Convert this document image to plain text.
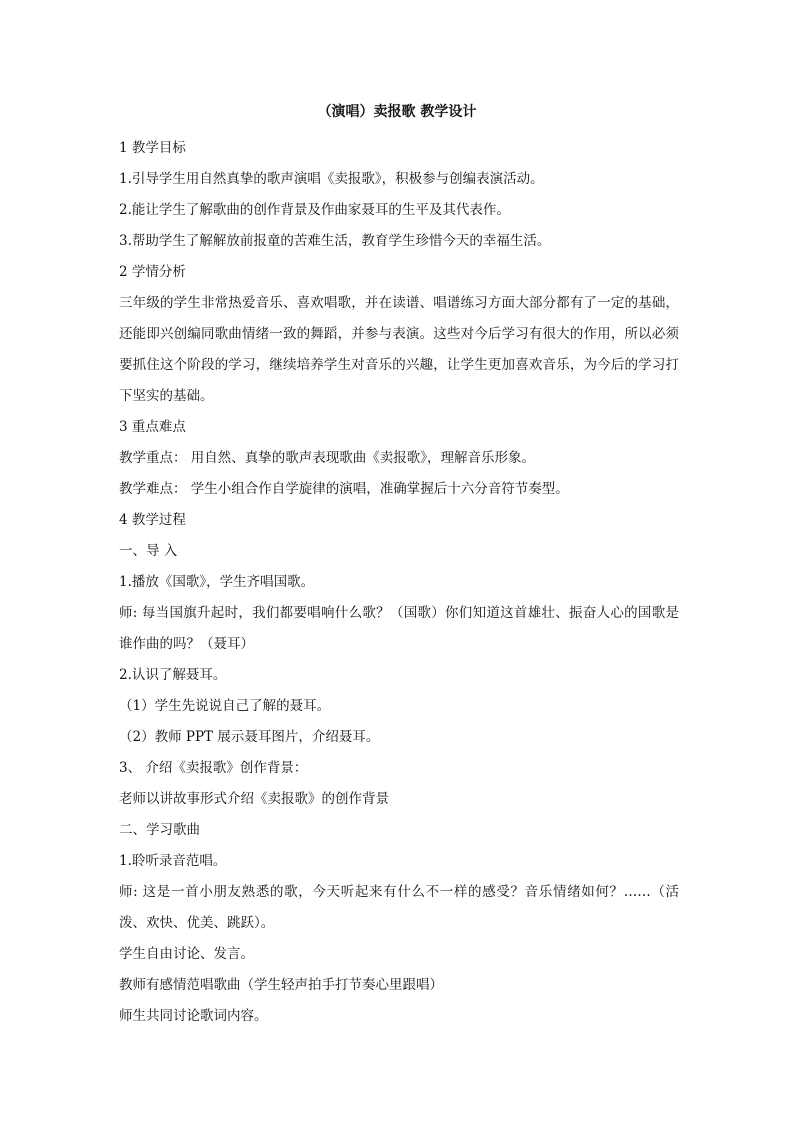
（演唱）卖报歌 教学设计

1 教学目标

1.引导学生用自然真挚的歌声演唱《卖报歌》，积极参与创编表演活动。

2.能让学生了解歌曲的创作背景及作曲家聂耳的生平及其代表作。

3.帮助学生了解解放前报童的苦难生活，教育学生珍惜今天的幸福生活。

2 学情分析

三年级的学生非常热爱音乐、喜欢唱歌，并在读谱、唱谱练习方面大部分都有了一定的基础，还能即兴创编同歌曲情绪一致的舞蹈，并参与表演。这些对今后学习有很大的作用，所以必须要抓住这个阶段的学习，继续培养学生对音乐的兴趣，让学生更加喜欢音乐，为今后的学习打下坚实的基础。

3 重点难点

教学重点： 用自然、真挚的歌声表现歌曲《卖报歌》，理解音乐形象。

教学难点： 学生小组合作自学旋律的演唱，准确掌握后十六分音符节奏型。

4 教学过程

一、导 入

1.播放《国歌》，学生齐唱国歌。

师: 每当国旗升起时，我们都要唱响什么歌？（国歌）你们知道这首雄壮、振奋人心的国歌是谁作曲的吗？（聂耳）

2.认识了解聂耳。

（1）学生先说说自己了解的聂耳。

（2）教师 PPT 展示聂耳图片，介绍聂耳。

3、 介绍《卖报歌》创作背景：

老师以讲故事形式介绍《卖报歌》的创作背景

二、学习歌曲

1.聆听录音范唱。

师: 这是一首小朋友熟悉的歌，今天听起来有什么不一样的感受？音乐情绪如何？……（活泼、欢快、优美、跳跃）。

学生自由讨论、发言。

教师有感情范唱歌曲（学生轻声拍手打节奏心里跟唱）

师生共同讨论歌词内容。
